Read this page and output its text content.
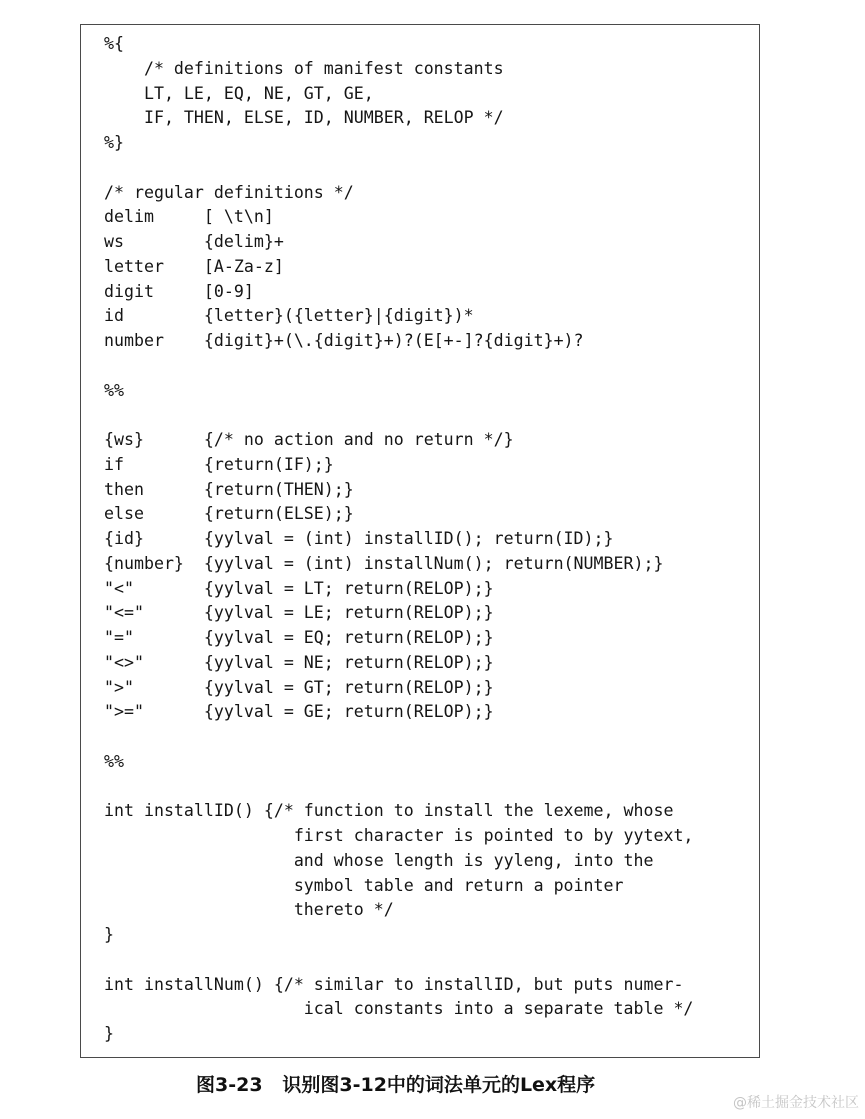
%{
/* definitions of manifest constants
LT, LE, EQ, NE, GT, GE,
IF, THEN, ELSE, ID, NUMBER, RELOP */
%}
/* regular definitions */
delim     [ \t\n]
ws        {delim}+
letter    [A-Za-z]
digit     [0-9]
id        {letter}({letter}|{digit})*
number    {digit}+(\.{digit}+)?(E[+-]?{digit}+)?
%%
{ws}      {/* no action and no return */}
if        {return(IF);}
then      {return(THEN);}
else      {return(ELSE);}
{id}      {yylval = (int) installID(); return(ID);}
{number}  {yylval = (int) installNum(); return(NUMBER);}
"<"       {yylval = LT; return(RELOP);}
"<="      {yylval = LE; return(RELOP);}
"="       {yylval = EQ; return(RELOP);}
"<>"      {yylval = NE; return(RELOP);}
">"       {yylval = GT; return(RELOP);}
">="      {yylval = GE; return(RELOP);}
%%
int installID() {/* function to install the lexeme, whose
first character is pointed to by yytext,
and whose length is yyleng, into the
symbol table and return a pointer
thereto */
}
int installNum() {/* similar to installID, but puts numer-
ical constants into a separate table */
}
图3-23   识别图3-12中的词法单元的Lex程序
@稀土掘金技术社区
